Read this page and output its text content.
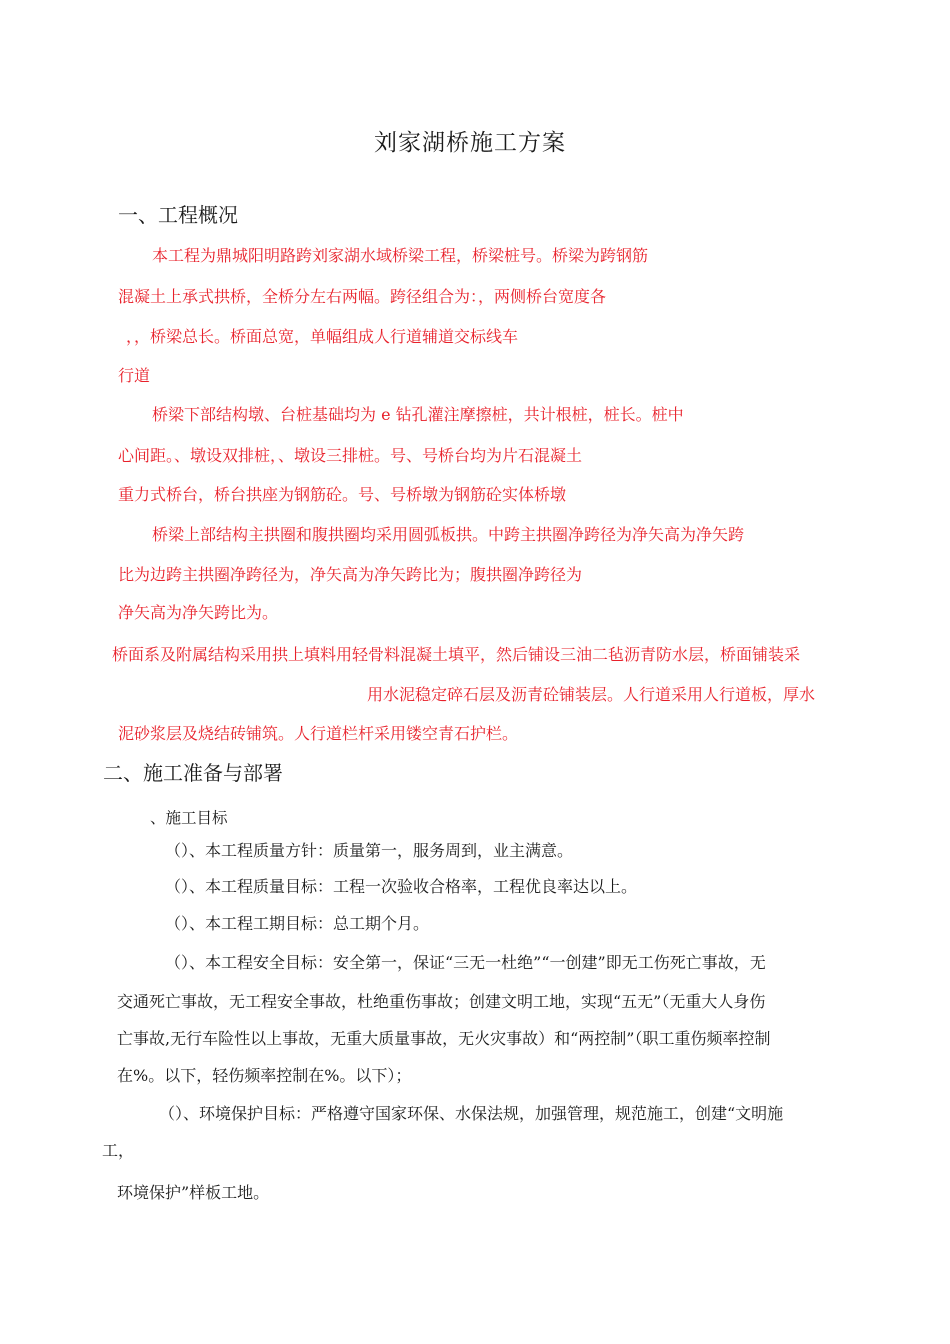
刘家湖桥施工方案
一、工程概况
本工程为鼎城阳明路跨刘家湖水域桥梁工程，桥梁桩号。桥梁为跨钢筋
混凝土上承式拱桥，全桥分左右两幅。跨径组合为：，两侧桥台宽度各
，，桥梁总长。桥面总宽，单幅组成人行道辅道交标线车
行道
桥梁下部结构墩、台桩基础均为 e 钻孔灌注摩擦桩，共计根桩，桩长。桩中
心间距。、墩设双排桩，、墩设三排桩。号、号桥台均为片石混凝土
重力式桥台，桥台拱座为钢筋砼。号、号桥墩为钢筋砼实体桥墩
桥梁上部结构主拱圈和腹拱圈均采用圆弧板拱。中跨主拱圈净跨径为净矢高为净矢跨
比为边跨主拱圈净跨径为，净矢高为净矢跨比为；腹拱圈净跨径为
净矢高为净矢跨比为。
桥面系及附属结构采用拱上填料用轻骨料混凝土填平，然后铺设三油二毡沥青防水层，桥面铺装采
用水泥稳定碎石层及沥青砼铺装层。人行道采用人行道板，厚水
泥砂浆层及烧结砖铺筑。人行道栏杆采用镂空青石护栏。
二、施工准备与部署
、施工目标
（）、本工程质量方针：质量第一，服务周到，业主满意。
（）、本工程质量目标：工程一次验收合格率，工程优良率达以上。
（）、本工程工期目标：总工期个月。
（）、本工程安全目标：安全第一，保证“三无一杜绝”“一创建”即无工伤死亡事故，无
交通死亡事故，无工程安全事故，杜绝重伤事故；创建文明工地，实现“五无”（无重大人身伤
亡事故,无行车险性以上事故，无重大质量事故，无火灾事故）和“两控制”（职工重伤频率控制
在%。以下，轻伤频率控制在%。以下）；
（）、环境保护目标：严格遵守国家环保、水保法规，加强管理，规范施工，创建“文明施
工，
环境保护”样板工地。
